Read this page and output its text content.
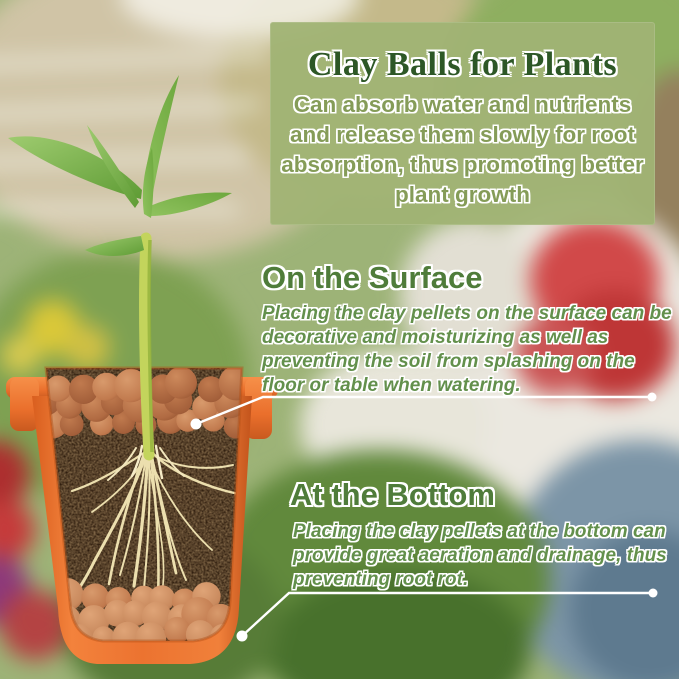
Clay Balls for Plants

Can absorb water and nutrients and release them slowly for root absorption, thus promoting better plant growth

On the Surface

Placing the clay pellets on the surface can be decorative and moisturizing as well as preventing the soil from splashing on the floor or table when watering.

At the Bottom

Placing the clay pellets at the bottom can provide great aeration and drainage, thus preventing root rot.
